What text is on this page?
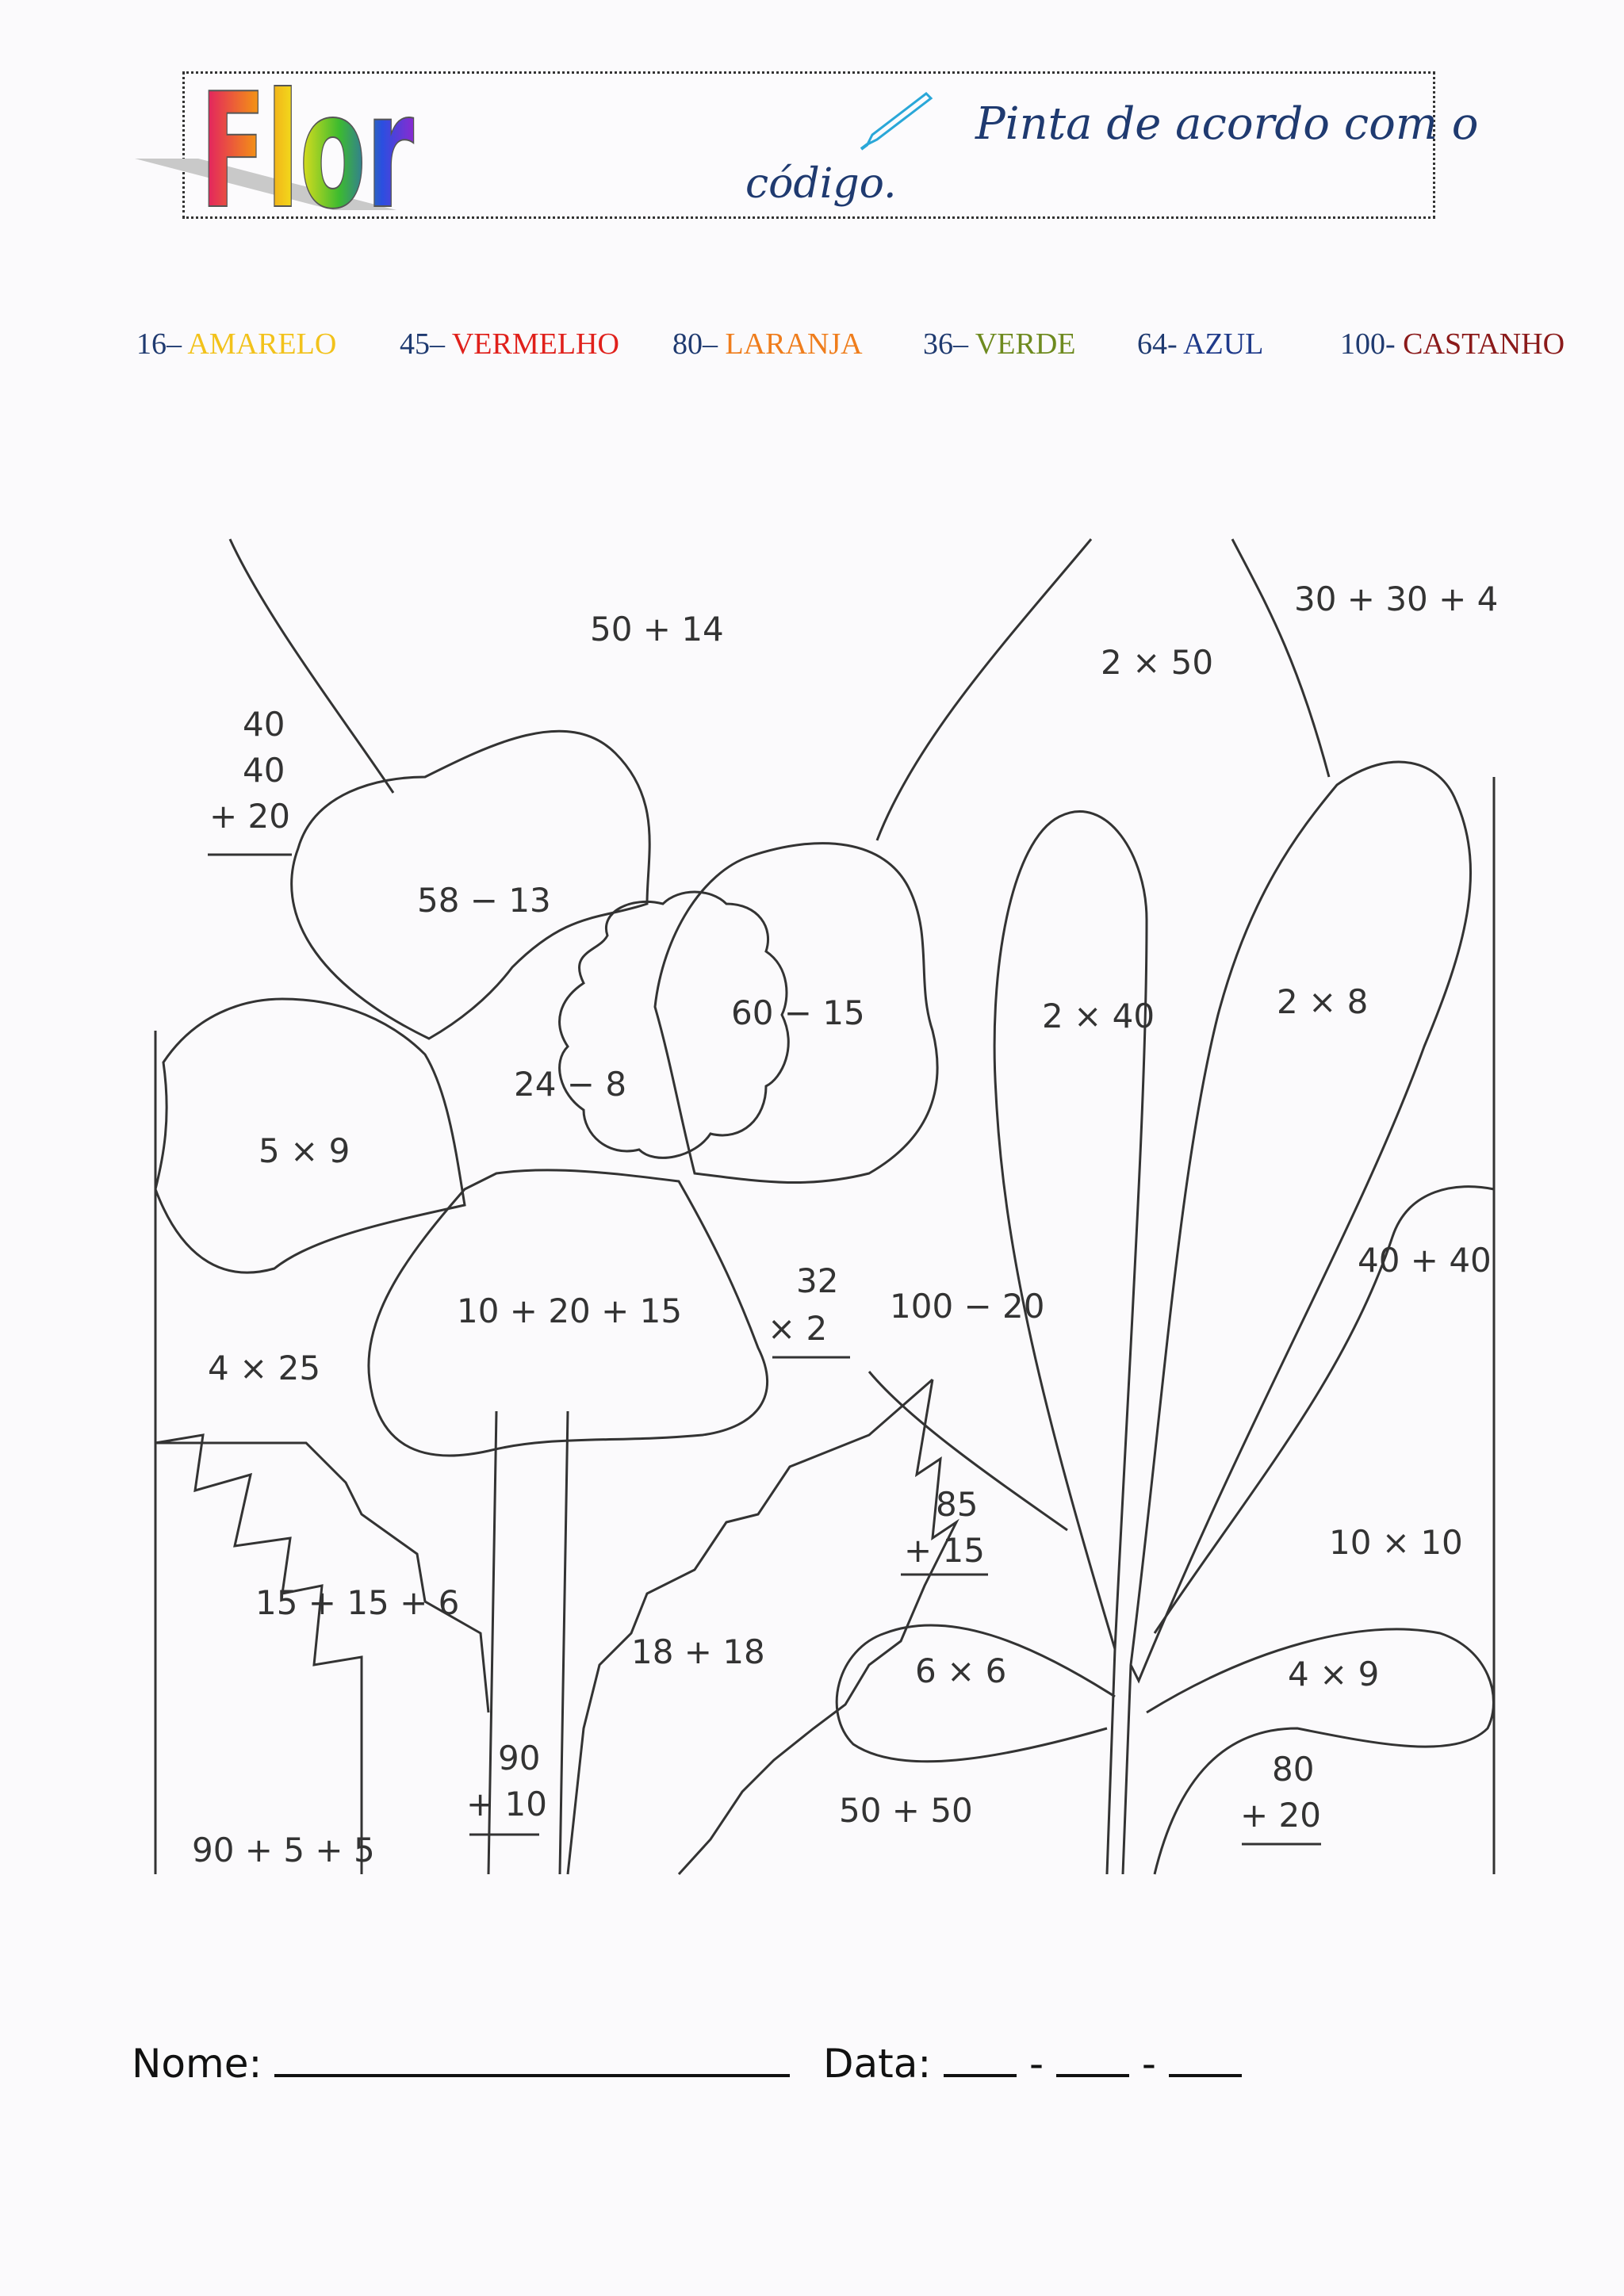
Flor	Pinta de acordo com o
código.
16– AMARELO 45– VERMELHO 80– LARANJA 36– VERDE 64- AZUL	100- CASTANHO
50 + 14
2 × 50
30 + 30 + 4
40
40
+ 20
58 − 13
60 − 15
24 − 8
5 × 9
10 + 20 + 15
32
× 2
100 − 20
4 × 25
2 × 40	2 × 8
40 + 40
15 + 15 + 6
18 + 18
90
+ 10
90 + 5 + 5
85
+ 15
6 × 6
10 × 10
4 × 9
80
+ 20
50 + 50
Nome:	Data: - -
